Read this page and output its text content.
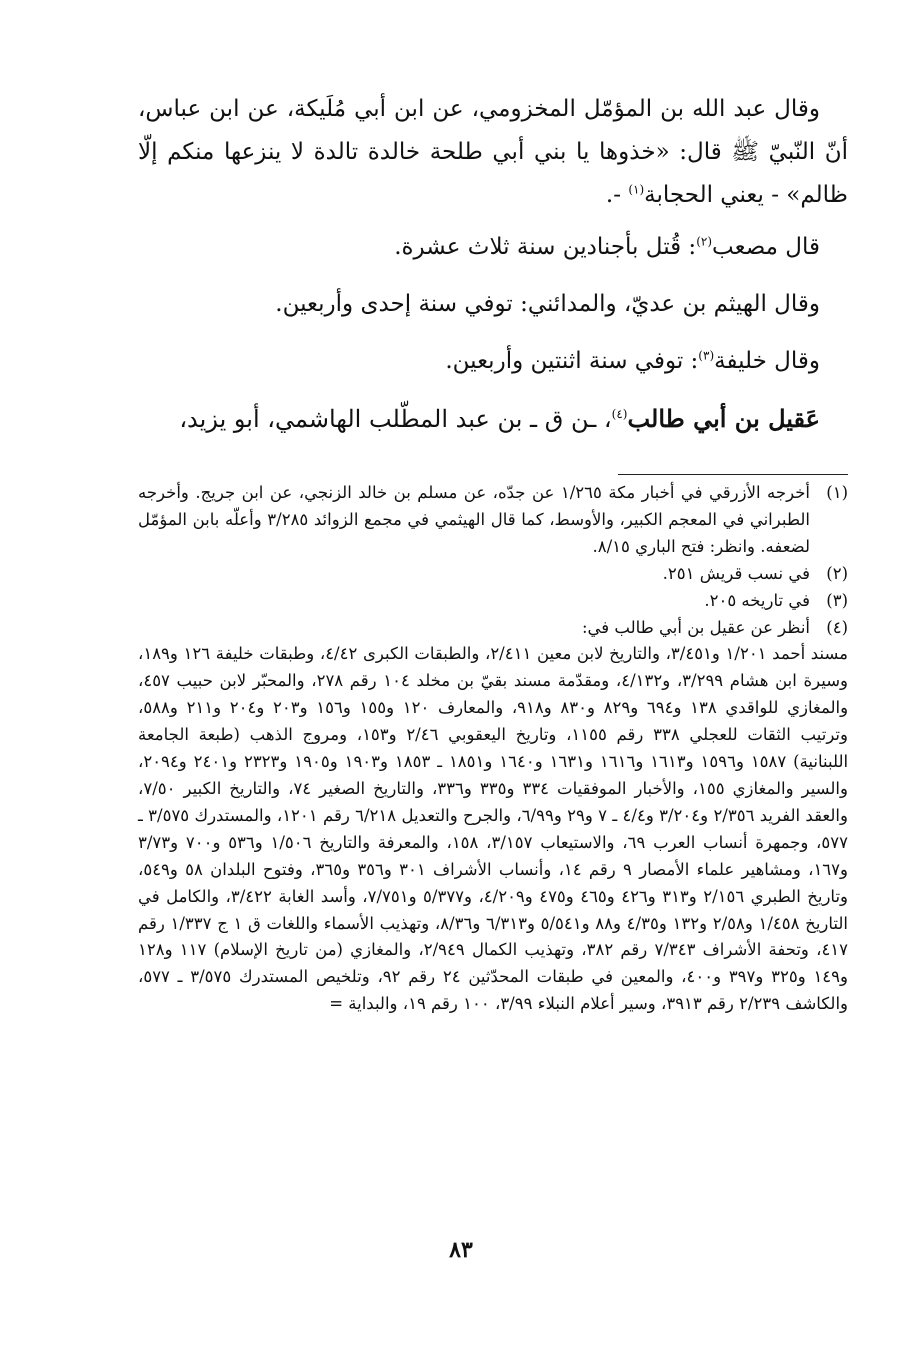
وقال عبد الله بن المؤمّل المخزومي، عن ابن أبي مُلَيكة، عن ابن عباس، أنّ النّبيّ ﷺ قال: «خذوها يا بني أبي طلحة خالدة تالدة لا ينزعها منكم إلّا ظالم» - يعني الحجابة$^{(١)}$ -.

قال مصعب$^{(٢)}$: قُتل بأجنادين سنة ثلاث عشرة.

وقال الهيثم بن عديّ، والمدائني: توفي سنة إحدى وأربعين.

وقال خليفة$^{(٣)}$: توفي سنة اثنتين وأربعين.

عَقيل بن أبي طالب$^{(٤)}$، ـن ق ـ بن عبد المطّلب الهاشمي، أبو يزيد،

(١)
أخرجه الأزرقي في أخبار مكة ١/٢٦٥ عن جدّه، عن مسلم بن خالد الزنجي، عن ابن جريج. وأخرجه الطبراني في المعجم الكبير، والأوسط، كما قال الهيثمي في مجمع الزوائد ٣/٢٨٥ وأعلّه بابن المؤمّل لضعفه. وانظر: فتح الباري ٨/١٥.
(٢)
في نسب قريش ٢٥١.
(٣)
في تاريخه ٢٠٥.
(٤)
أنظر عن عقيل بن أبي طالب في:

مسند أحمد ١/٢٠١ و٣/٤٥١، والتاريخ لابن معين ٢/٤١١، والطبقات الكبرى ٤/٤٢، وطبقات خليفة ١٢٦ و١٨٩، وسيرة ابن هشام ٣/٢٩٩، و٤/١٣٢، ومقدّمة مسند بقيّ بن مخلد ١٠٤ رقم ٢٧٨، والمحبّر لابن حبيب ٤٥٧، والمغازي للواقدي ١٣٨ و٦٩٤ و٨٢٩ و٨٣٠ و٩١٨، والمعارف ١٢٠ و١٥٥ و١٥٦ و٢٠٣ و٢٠٤ و٢١١ و٥٨٨، وترتيب الثقات للعجلي ٣٣٨ رقم ١١٥٥، وتاريخ اليعقوبي ٢/٤٦ و١٥٣، ومروج الذهب (طبعة الجامعة اللبنانية) ١٥٨٧ و١٥٩٦ و١٦١٣ و١٦١٦ و١٦٣١ و١٦٤٠ و١٨٥١ ـ ١٨٥٣ و١٩٠٣ و١٩٠٥ و٢٣٢٣ و٢٤٠١ و٢٠٩٤، والسير والمغازي ١٥٥، والأخبار الموفقيات ٣٣٤ و٣٣٥ و٣٣٦، والتاريخ الصغير ٧٤، والتاريخ الكبير ٧/٥٠، والعقد الفريد ٢/٣٥٦ و٣/٢٠٤ و٤/٤ ـ ٧ و٢٩ و٦/٩٩، والجرح والتعديل ٦/٢١٨ رقم ١٢٠١، والمستدرك ٣/٥٧٥ ـ ٥٧٧، وجمهرة أنساب العرب ٦٩، والاستيعاب ٣/١٥٧، ١٥٨، والمعرفة والتاريخ ١/٥٠٦ و٥٣٦ و٧٠٠ و٣/٧٣ و١٦٧، ومشاهير علماء الأمصار ٩ رقم ١٤، وأنساب الأشراف ٣٠١ و٣٥٦ و٣٦٥، وفتوح البلدان ٥٨ و٥٤٩، وتاريخ الطبري ٢/١٥٦ و٣١٣ و٤٢٦ و٤٦٥ و٤٧٥ و٤/٢٠٩، و٥/٣٧٧ و٧/٧٥١، وأسد الغابة ٣/٤٢٢، والكامل في التاريخ ١/٤٥٨ و٢/٥٨ و١٣٢ و٤/٣٥ و٨٨ و٥/٥٤١ و٦/٣١٣ و٨/٣٦، وتهذيب الأسماء واللغات ق ١ ج ١/٣٣٧ رقم ٤١٧، وتحفة الأشراف ٧/٣٤٣ رقم ٣٨٢، وتهذيب الكمال ٢/٩٤٩، والمغازي (من تاريخ الإسلام) ١١٧ و١٢٨ و١٤٩ و٣٢٥ و٣٩٧ و٤٠٠، والمعين في طبقات المحدّثين ٢٤ رقم ٩٢، وتلخيص المستدرك ٣/٥٧٥ ـ ٥٧٧، والكاشف ٢/٢٣٩ رقم ٣٩١٣، وسير أعلام النبلاء ٣/٩٩، ١٠٠ رقم ١٩، والبداية =

٨٣
